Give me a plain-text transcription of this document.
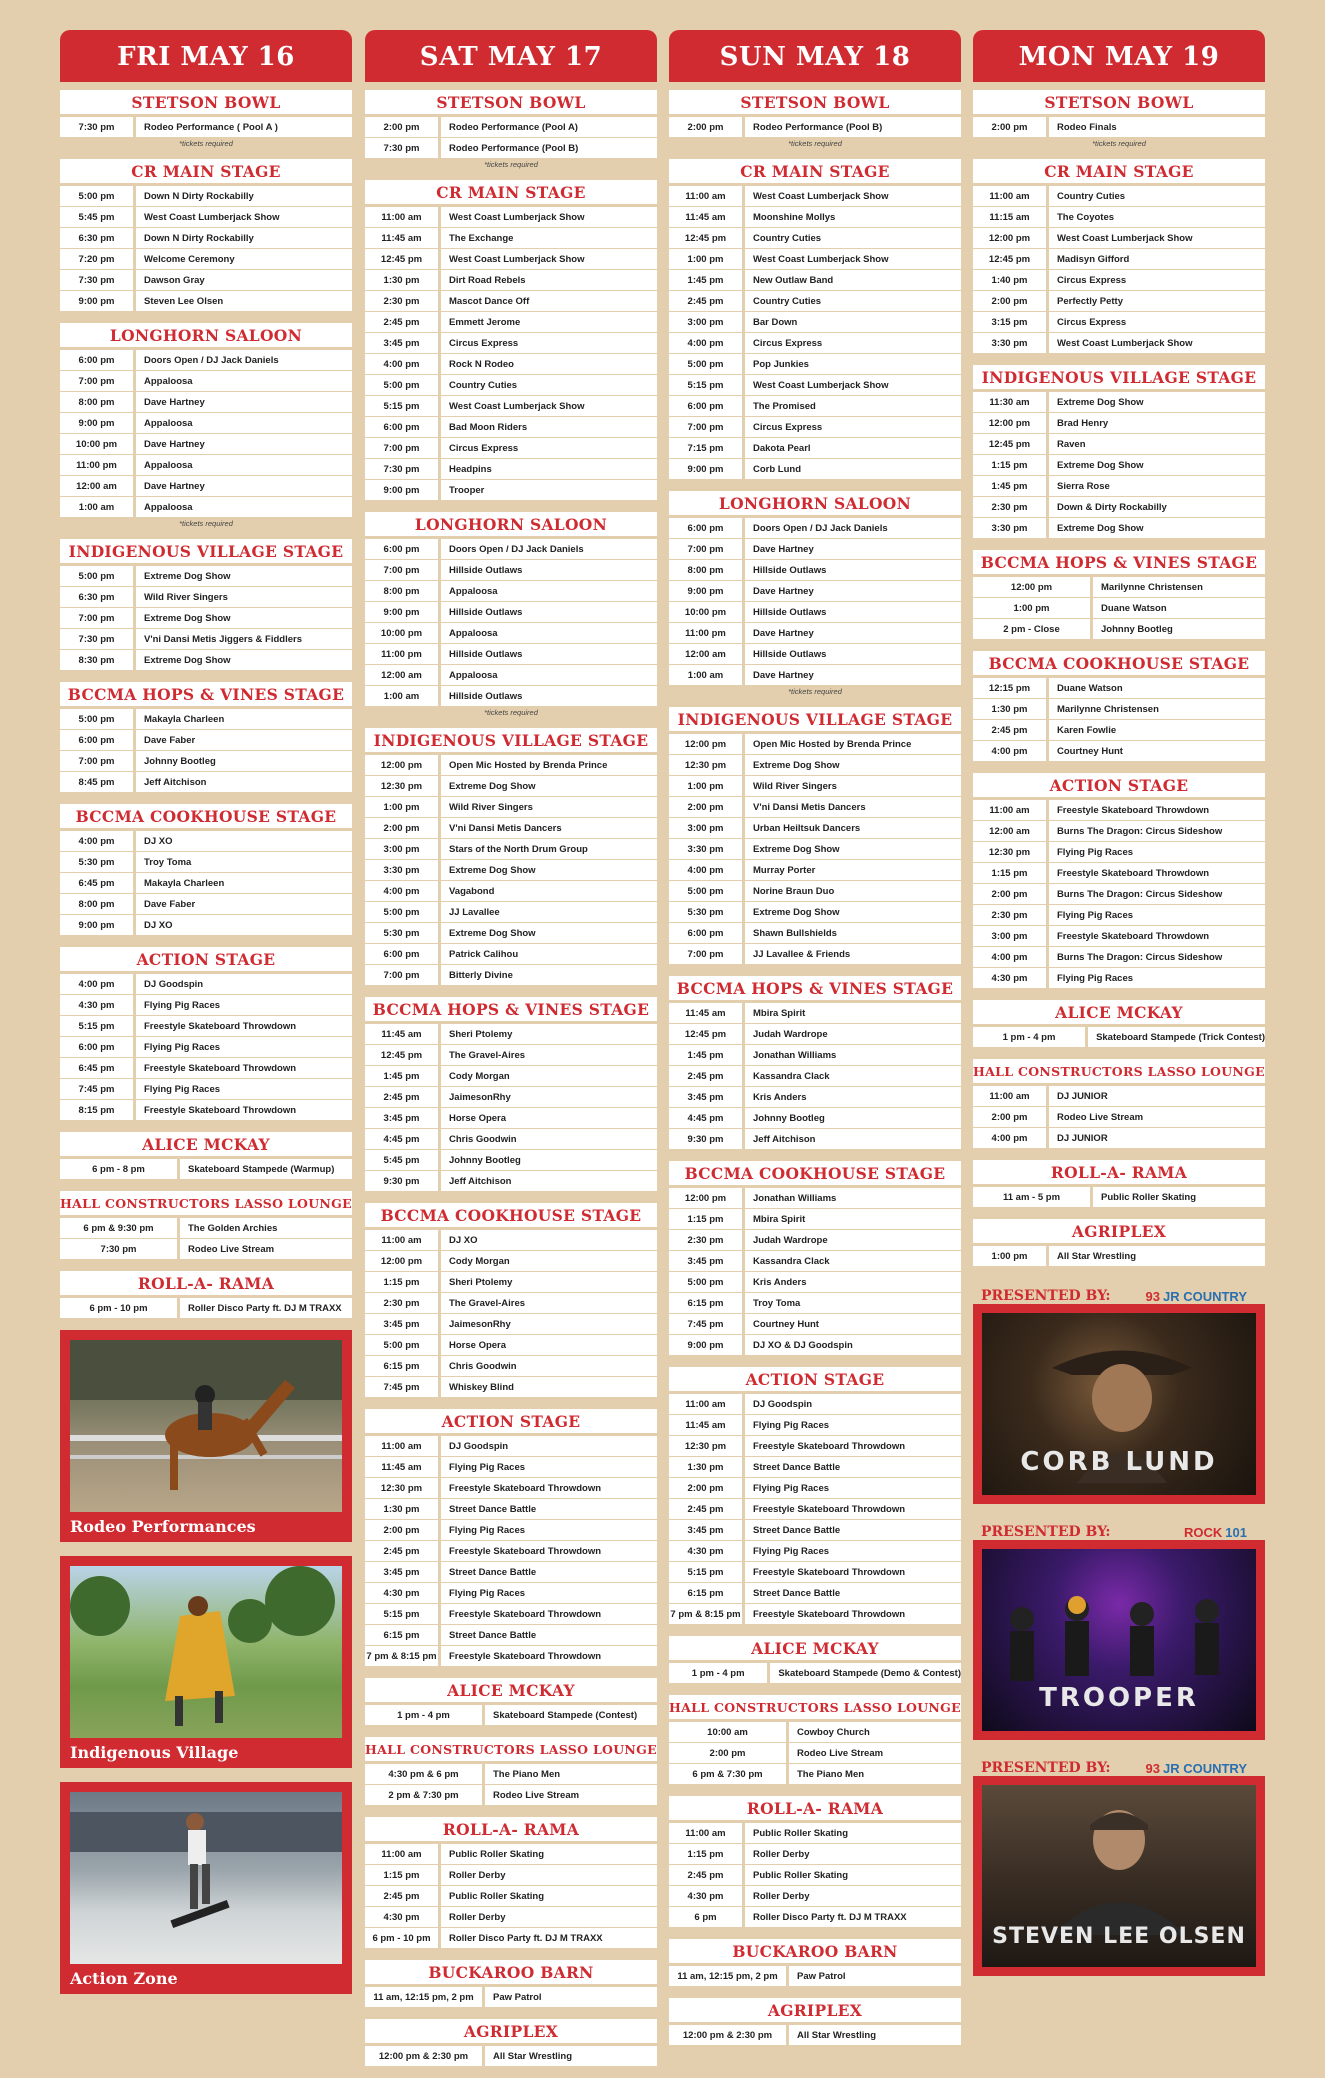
FRI MAY 16
STETSON BOWL
7:30 pm	Rodeo Performance ( Pool A )
*tickets required
CR MAIN STAGE
5:00 pm	Down N Dirty Rockabilly
5:45 pm	West Coast Lumberjack Show
6:30 pm	Down N Dirty Rockabilly
7:20 pm	Welcome Ceremony
7:30 pm	Dawson Gray
9:00 pm	Steven Lee Olsen
LONGHORN SALOON
6:00 pm	Doors Open / DJ Jack Daniels
7:00 pm	Appaloosa
8:00 pm	Dave Hartney
9:00 pm	Appaloosa
10:00 pm	Dave Hartney
11:00 pm	Appaloosa
12:00 am	Dave Hartney
1:00 am	Appaloosa
*tickets required
INDIGENOUS VILLAGE STAGE
5:00 pm	Extreme Dog Show
6:30 pm	Wild River Singers
7:00 pm	Extreme Dog Show
7:30 pm	V'ni Dansi Metis Jiggers & Fiddlers
8:30 pm	Extreme Dog Show
BCCMA HOPS & VINES STAGE
5:00 pm	Makayla Charleen
6:00 pm	Dave Faber
7:00 pm	Johnny Bootleg
8:45 pm	Jeff Aitchison
BCCMA COOKHOUSE STAGE
4:00 pm	DJ XO
5:30 pm	Troy Toma
6:45 pm	Makayla Charleen
8:00 pm	Dave Faber
9:00 pm	DJ XO
ACTION STAGE
4:00 pm	DJ Goodspin
4:30 pm	Flying Pig Races
5:15 pm	Freestyle Skateboard Throwdown
6:00 pm	Flying Pig Races
6:45 pm	Freestyle Skateboard Throwdown
7:45 pm	Flying Pig Races
8:15 pm	Freestyle Skateboard Throwdown
ALICE MCKAY
6 pm - 8 pm	Skateboard Stampede (Warmup)
HALL CONSTRUCTORS LASSO LOUNGE
6 pm & 9:30 pm	The Golden Archies
7:30 pm	Rodeo Live Stream
ROLL-A- RAMA
6 pm - 10 pm	Roller Disco Party ft. DJ M TRAXX
Rodeo Performances
Indigenous Village
Action Zone
SAT MAY 17
STETSON BOWL
2:00 pm	Rodeo Performance (Pool A)
7:30 pm	Rodeo Performance (Pool B)
*tickets required
CR MAIN STAGE
11:00 am	West Coast Lumberjack Show
11:45 am	The Exchange
12:45 pm	West Coast Lumberjack Show
1:30 pm	Dirt Road Rebels
2:30 pm	Mascot Dance Off
2:45 pm	Emmett Jerome
3:45 pm	Circus Express
4:00 pm	Rock N Rodeo
5:00 pm	Country Cuties
5:15 pm	West Coast Lumberjack Show
6:00 pm	Bad Moon Riders
7:00 pm	Circus Express
7:30 pm	Headpins
9:00 pm	Trooper
LONGHORN SALOON
6:00 pm	Doors Open / DJ Jack Daniels
7:00 pm	Hillside Outlaws
8:00 pm	Appaloosa
9:00 pm	Hillside Outlaws
10:00 pm	Appaloosa
11:00 pm	Hillside Outlaws
12:00 am	Appaloosa
1:00 am	Hillside Outlaws
*tickets required
INDIGENOUS VILLAGE STAGE
12:00 pm	Open Mic Hosted by Brenda Prince
12:30 pm	Extreme Dog Show
1:00 pm	Wild River Singers
2:00 pm	V'ni Dansi Metis Dancers
3:00 pm	Stars of the North Drum Group
3:30 pm	Extreme Dog Show
4:00 pm	Vagabond
5:00 pm	JJ Lavallee
5:30 pm	Extreme Dog Show
6:00 pm	Patrick Calihou
7:00 pm	Bitterly Divine
BCCMA HOPS & VINES STAGE
11:45 am	Sheri Ptolemy
12:45 pm	The Gravel-Aires
1:45 pm	Cody Morgan
2:45 pm	JaimesonRhy
3:45 pm	Horse Opera
4:45 pm	Chris Goodwin
5:45 pm	Johnny Bootleg
9:30 pm	Jeff Aitchison
BCCMA COOKHOUSE STAGE
11:00 am	DJ XO
12:00 pm	Cody Morgan
1:15 pm	Sheri Ptolemy
2:30 pm	The Gravel-Aires
3:45 pm	JaimesonRhy
5:00 pm	Horse Opera
6:15 pm	Chris Goodwin
7:45 pm	Whiskey Blind
ACTION STAGE
11:00 am	DJ Goodspin
11:45 am	Flying Pig Races
12:30 pm	Freestyle Skateboard Throwdown
1:30 pm	Street Dance Battle
2:00 pm	Flying Pig Races
2:45 pm	Freestyle Skateboard Throwdown
3:45 pm	Street Dance Battle
4:30 pm	Flying Pig Races
5:15 pm	Freestyle Skateboard Throwdown
6:15 pm	Street Dance Battle
7 pm & 8:15 pm	Freestyle Skateboard Throwdown
ALICE MCKAY
1 pm - 4 pm	Skateboard Stampede (Contest)
HALL CONSTRUCTORS LASSO LOUNGE
4:30 pm & 6 pm	The Piano Men
2 pm & 7:30 pm	Rodeo Live Stream
ROLL-A- RAMA
11:00 am	Public Roller Skating
1:15 pm	Roller Derby
2:45 pm	Public Roller Skating
4:30 pm	Roller Derby
6 pm - 10 pm	Roller Disco Party ft. DJ M TRAXX
BUCKAROO BARN
11 am, 12:15 pm, 2 pm	Paw Patrol
AGRIPLEX
12:00 pm & 2:30 pm	All Star Wrestling
SUN MAY 18
STETSON BOWL
2:00 pm	Rodeo Performance (Pool B)
*tickets required
CR MAIN STAGE
11:00 am	West Coast Lumberjack Show
11:45 am	Moonshine Mollys
12:45 pm	Country Cuties
1:00 pm	West Coast Lumberjack Show
1:45 pm	New Outlaw Band
2:45 pm	Country Cuties
3:00 pm	Bar Down
4:00 pm	Circus Express
5:00 pm	Pop Junkies
5:15 pm	West Coast Lumberjack Show
6:00 pm	The Promised
7:00 pm	Circus Express
7:15 pm	Dakota Pearl
9:00 pm	Corb Lund
LONGHORN SALOON
6:00 pm	Doors Open / DJ Jack Daniels
7:00 pm	Dave Hartney
8:00 pm	Hillside Outlaws
9:00 pm	Dave Hartney
10:00 pm	Hillside Outlaws
11:00 pm	Dave Hartney
12:00 am	Hillside Outlaws
1:00 am	Dave Hartney
*tickets required
INDIGENOUS VILLAGE STAGE
12:00 pm	Open Mic Hosted by Brenda Prince
12:30 pm	Extreme Dog Show
1:00 pm	Wild River Singers
2:00 pm	V'ni Dansi Metis Dancers
3:00 pm	Urban Heiltsuk Dancers
3:30 pm	Extreme Dog Show
4:00 pm	Murray Porter
5:00 pm	Norine Braun Duo
5:30 pm	Extreme Dog Show
6:00 pm	Shawn Bullshields
7:00 pm	JJ Lavallee & Friends
BCCMA HOPS & VINES STAGE
11:45 am	Mbira Spirit
12:45 pm	Judah Wardrope
1:45 pm	Jonathan Williams
2:45 pm	Kassandra Clack
3:45 pm	Kris Anders
4:45 pm	Johnny Bootleg
9:30 pm	Jeff Aitchison
BCCMA COOKHOUSE STAGE
12:00 pm	Jonathan Williams
1:15 pm	Mbira Spirit
2:30 pm	Judah Wardrope
3:45 pm	Kassandra Clack
5:00 pm	Kris Anders
6:15 pm	Troy Toma
7:45 pm	Courtney Hunt
9:00 pm	DJ XO & DJ Goodspin
ACTION STAGE
11:00 am	DJ Goodspin
11:45 am	Flying Pig Races
12:30 pm	Freestyle Skateboard Throwdown
1:30 pm	Street Dance Battle
2:00 pm	Flying Pig Races
2:45 pm	Freestyle Skateboard Throwdown
3:45 pm	Street Dance Battle
4:30 pm	Flying Pig Races
5:15 pm	Freestyle Skateboard Throwdown
6:15 pm	Street Dance Battle
7 pm & 8:15 pm	Freestyle Skateboard Throwdown
ALICE MCKAY
1 pm - 4 pm	Skateboard Stampede (Demo & Contest)
HALL CONSTRUCTORS LASSO LOUNGE
10:00 am	Cowboy Church
2:00 pm	Rodeo Live Stream
6 pm & 7:30 pm	The Piano Men
ROLL-A- RAMA
11:00 am	Public Roller Skating
1:15 pm	Roller Derby
2:45 pm	Public Roller Skating
4:30 pm	Roller Derby
6 pm	Roller Disco Party ft. DJ M TRAXX
BUCKAROO BARN
11 am, 12:15 pm, 2 pm	Paw Patrol
AGRIPLEX
12:00 pm & 2:30 pm	All Star Wrestling
MON MAY 19
STETSON BOWL
2:00 pm	Rodeo Finals
*tickets required
CR MAIN STAGE
11:00 am	Country Cuties
11:15 am	The Coyotes
12:00 pm	West Coast Lumberjack Show
12:45 pm	Madisyn Gifford
1:40 pm	Circus Express
2:00 pm	Perfectly Petty
3:15 pm	Circus Express
3:30 pm	West Coast Lumberjack Show
INDIGENOUS VILLAGE STAGE
11:30 am	Extreme Dog Show
12:00 pm	Brad Henry
12:45 pm	Raven
1:15 pm	Extreme Dog Show
1:45 pm	Sierra Rose
2:30 pm	Down & Dirty Rockabilly
3:30 pm	Extreme Dog Show
BCCMA HOPS & VINES STAGE
12:00 pm	Marilynne Christensen
1:00 pm	Duane Watson
2 pm - Close	Johnny Bootleg
BCCMA COOKHOUSE STAGE
12:15 pm	Duane Watson
1:30 pm	Marilynne Christensen
2:45 pm	Karen Fowlie
4:00 pm	Courtney Hunt
ACTION STAGE
11:00 am	Freestyle Skateboard Throwdown
12:00 am	Burns The Dragon: Circus Sideshow
12:30 pm	Flying Pig Races
1:15 pm	Freestyle Skateboard Throwdown
2:00 pm	Burns The Dragon: Circus Sideshow
2:30 pm	Flying Pig Races
3:00 pm	Freestyle Skateboard Throwdown
4:00 pm	Burns The Dragon: Circus Sideshow
4:30 pm	Flying Pig Races
ALICE MCKAY
1 pm - 4 pm	Skateboard Stampede (Trick Contest)
HALL CONSTRUCTORS LASSO LOUNGE
11:00 am	DJ JUNIOR
2:00 pm	Rodeo Live Stream
4:00 pm	DJ JUNIOR
ROLL-A- RAMA
11 am - 5 pm	Public Roller Skating
AGRIPLEX
1:00 pm	All Star Wrestling
PRESENTED BY:	93 JR COUNTRY
CORB LUND
PRESENTED BY:	ROCK 101
TROOPER
PRESENTED BY:	93 JR COUNTRY
STEVEN LEE OLSEN
